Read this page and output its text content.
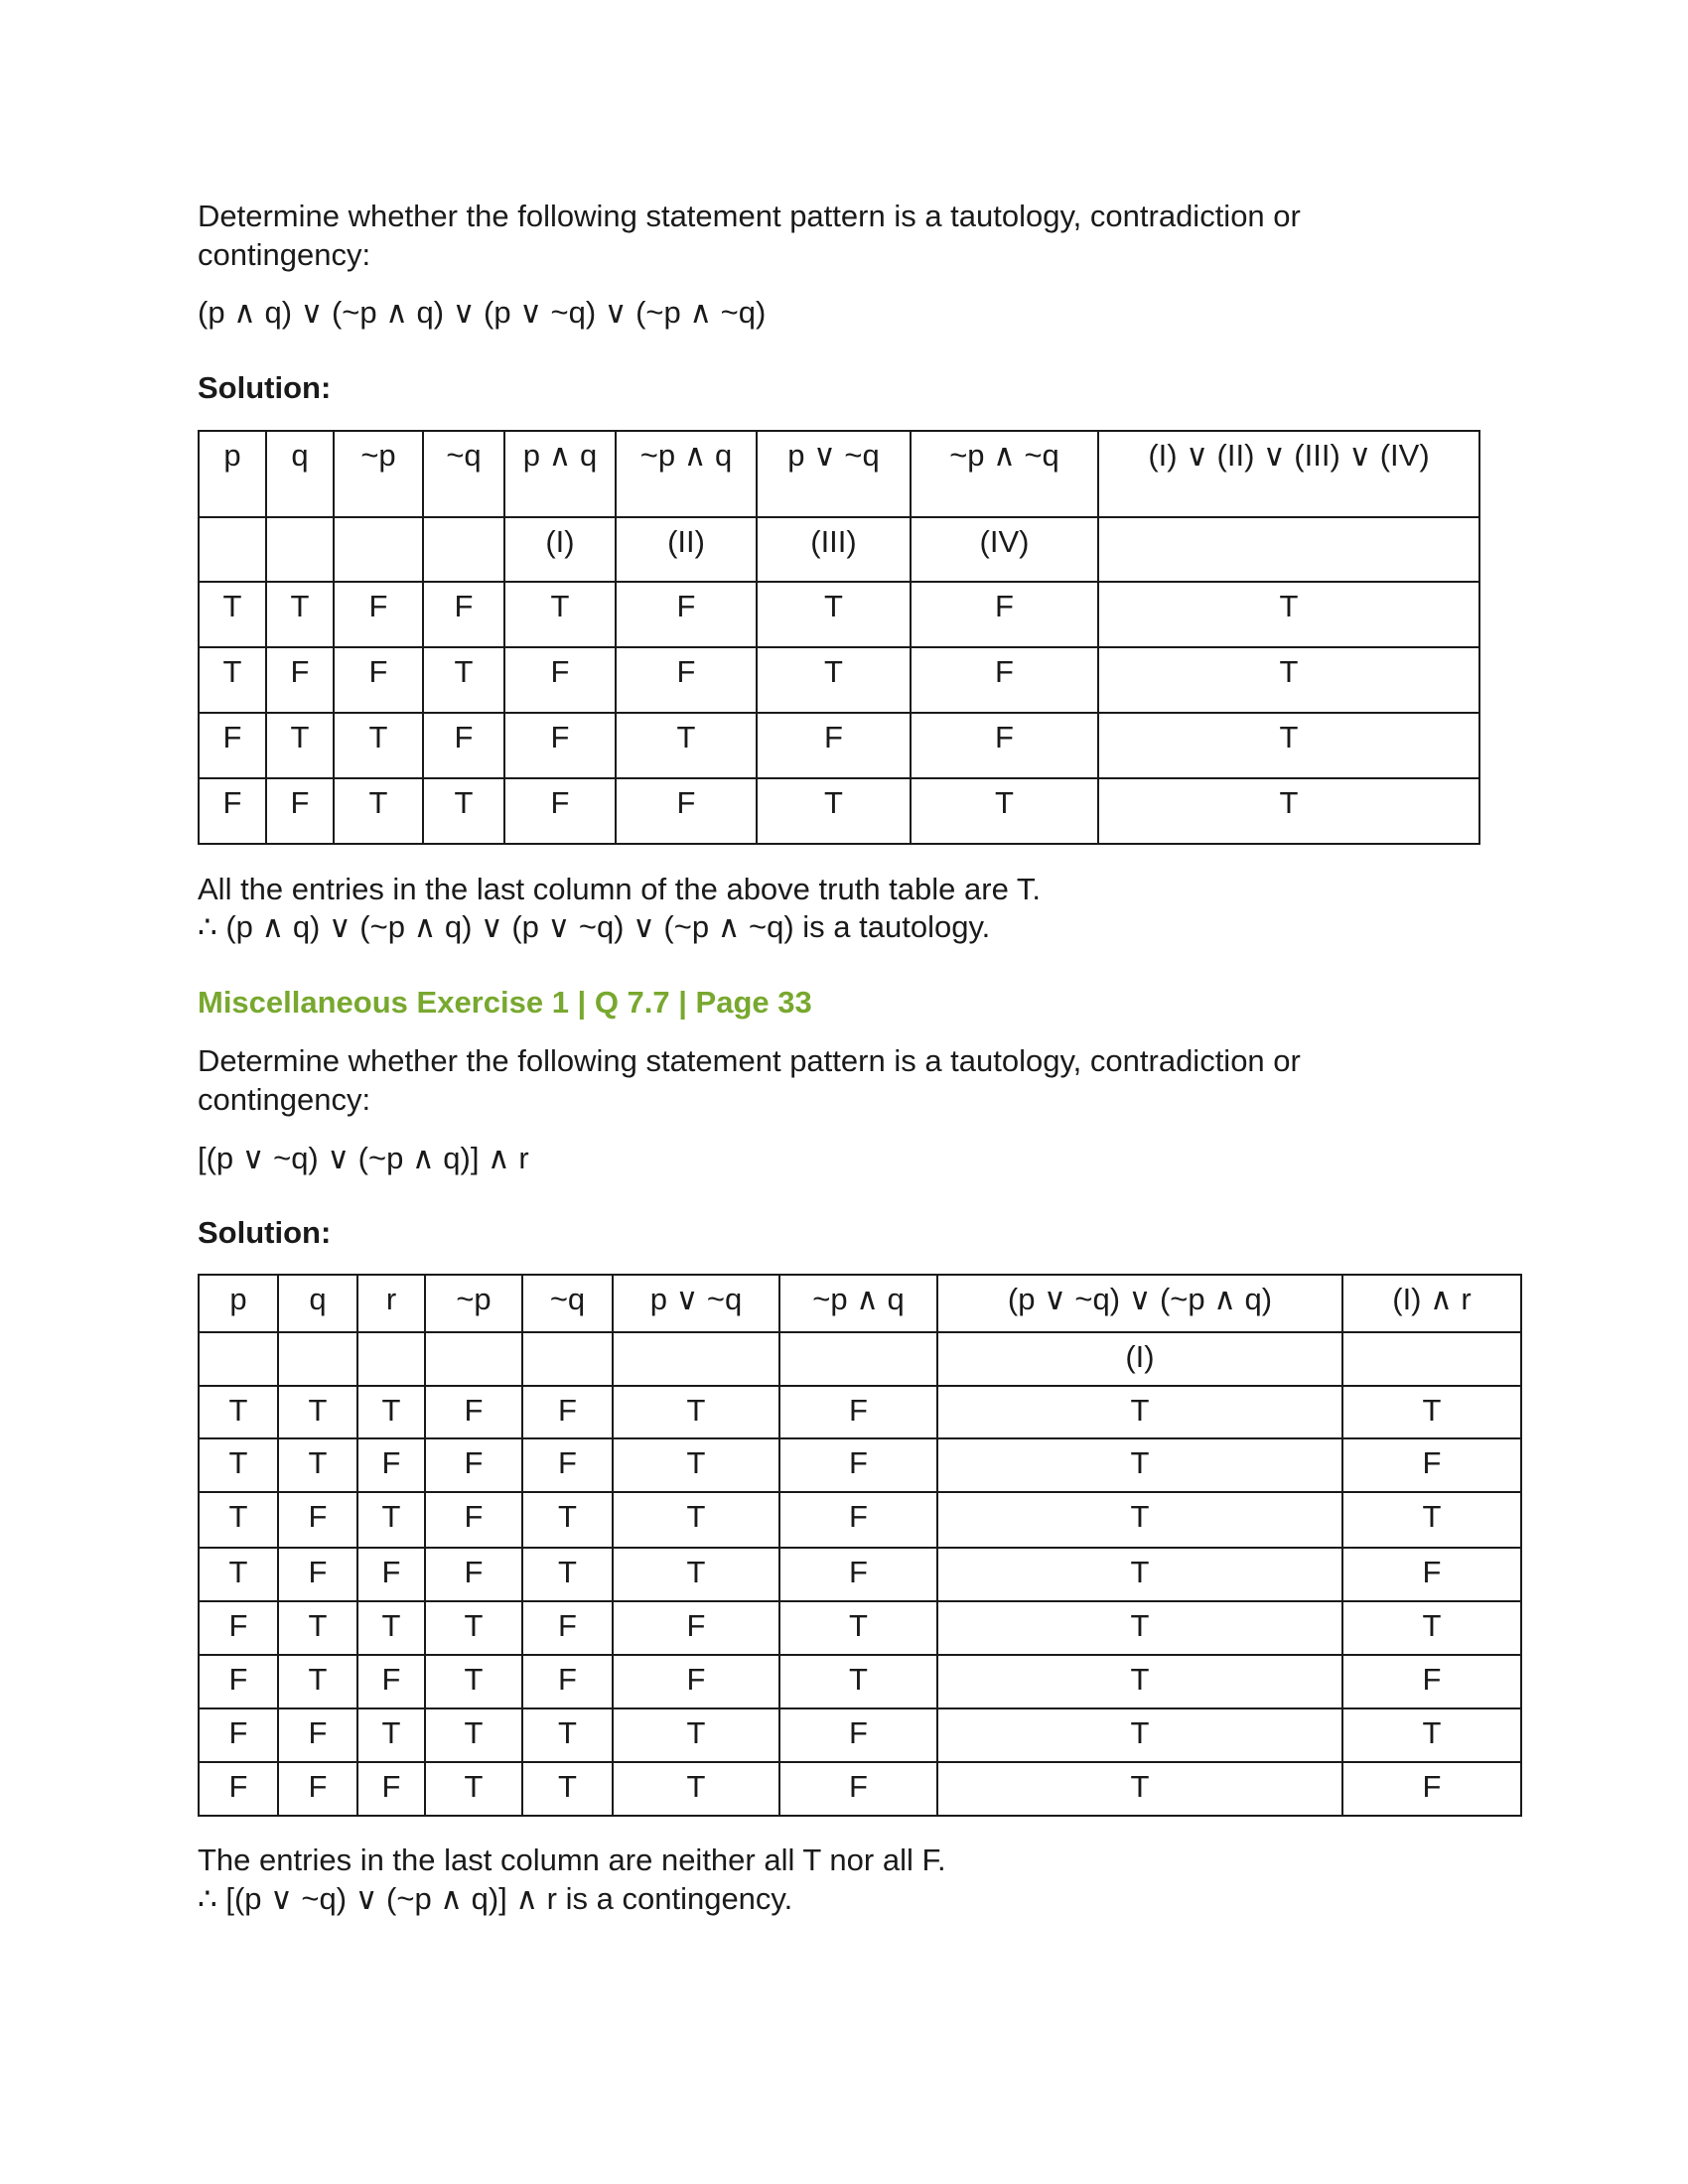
Determine whether the following statement pattern is a tautology, contradiction or

contingency:

(p ∧ q) ∨ (~p ∧ q) ∨ (p ∨ ~q) ∨ (~p ∧ ~q)

Solution:

p	q	~p	~q	p ∧ q	~p ∧ q	p ∨ ~q	~p ∧ ~q	(I) ∨ (II) ∨ (III) ∨ (IV)
				(I)	(II)	(III)	(IV)	
T	T	F	F	T	F	T	F	T
T	F	F	T	F	F	T	F	T
F	T	T	F	F	T	F	F	T
F	F	T	T	F	F	T	T	T

All the entries in the last column of the above truth table are T.

∴ (p ∧ q) ∨ (~p ∧ q) ∨ (p ∨ ~q) ∨ (~p ∧ ~q) is a tautology.

Miscellaneous Exercise 1 | Q 7.7 | Page 33

Determine whether the following statement pattern is a tautology, contradiction or

contingency:

[(p ∨ ~q) ∨ (~p ∧ q)] ∧ r

Solution:

p	q	r	~p	~q	p ∨ ~q	~p ∧ q	(p ∨ ~q) ∨ (~p ∧ q)	(I) ∧ r
							(I)	
T	T	T	F	F	T	F	T	T
T	T	F	F	F	T	F	T	F
T	F	T	F	T	T	F	T	T
T	F	F	F	T	T	F	T	F
F	T	T	T	F	F	T	T	T
F	T	F	T	F	F	T	T	F
F	F	T	T	T	T	F	T	T
F	F	F	T	T	T	F	T	F

The entries in the last column are neither all T nor all F.

∴ [(p ∨ ~q) ∨ (~p ∧ q)] ∧ r is a contingency.
